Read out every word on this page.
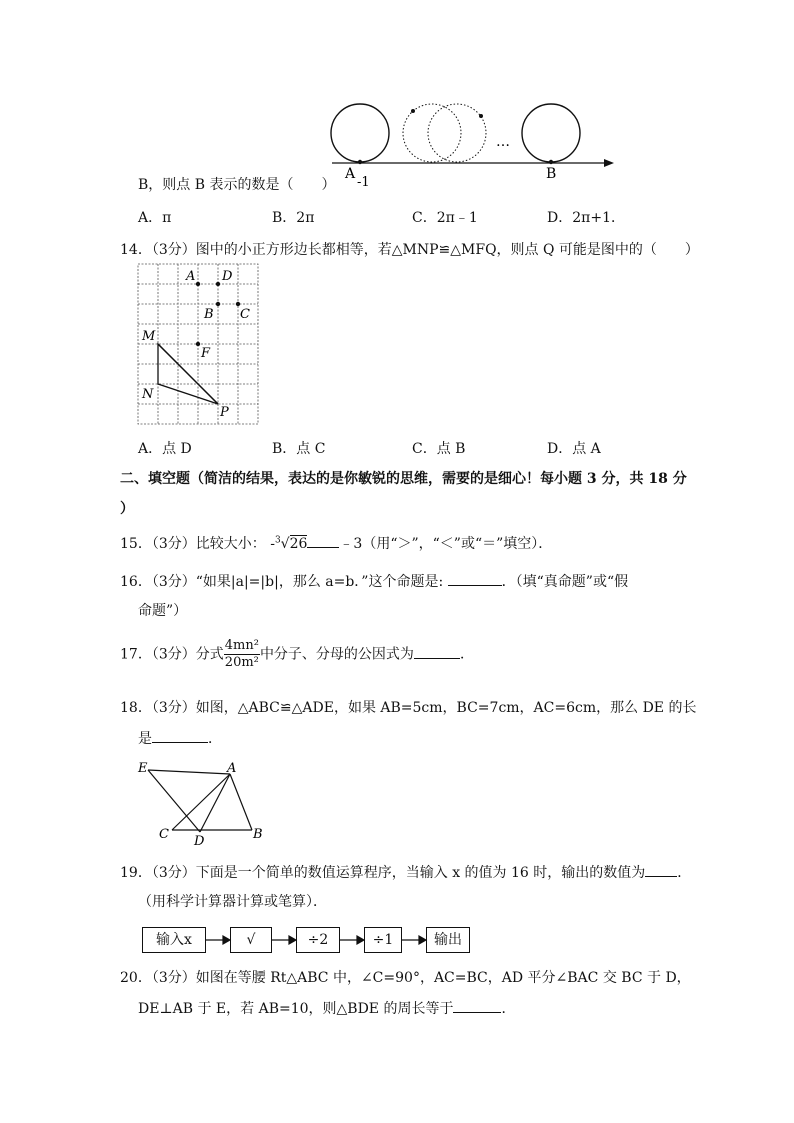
…
A
-1
B
B，则点 B 表示的数是（　　）
A．π	B．2π	C．2π﹣1	D．2π+1．
14．（3分）图中的小正方形边长都相等，若△MNP≌△MFQ，则点 Q 可能是图中的（　　）
A D
B C
M
F
N
P
A．点 D	B．点 C	C．点 B	D．点 A
二、填空题（简洁的结果，表达的是你敏锐的思维，需要的是细心！每小题 3 分，共 18 分
）
15．（3分）比较大小： -$^3$√26 ﹣3（用“＞”，“＜”或“＝”填空）．
16．（3分）“如果|a|=|b|，那么 a=b．”这个命题是:	．（填“真命题”或“假
命题”）
17．（3分）分式 $\frac{\text{4mn²}}{\text{20m²}}$ 中分子、分母的公因式为	．
18．（3分）如图，△ABC≌△ADE，如果 AB=5cm，BC=7cm，AC=6cm，那么 DE 的长
是	．
E	A
C D	B
19．（3分）下面是一个简单的数值运算程序，当输入 x 的值为 16 时，输出的数值为 ．
（用科学计算器计算或笔算）．
输入x	√	÷2	÷1	输出
20．（3分）如图在等腰 Rt△ABC 中，∠C=90°，AC=BC，AD 平分∠BAC 交 BC 于 D，
DE⊥AB 于 E，若 AB=10，则△BDE 的周长等于	．
